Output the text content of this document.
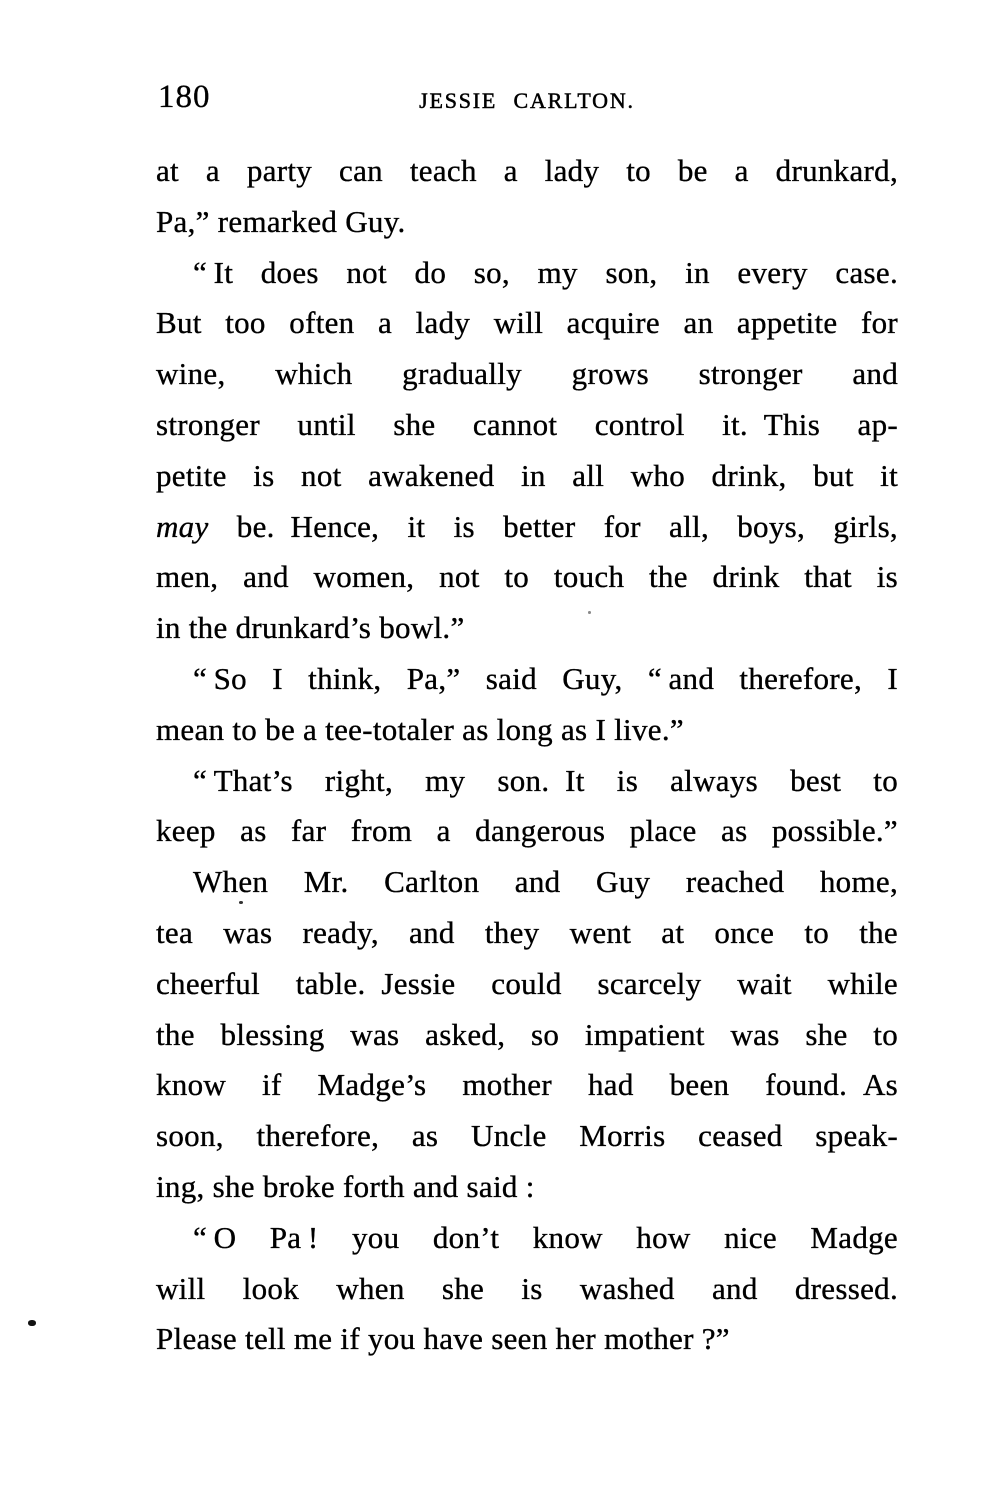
180	JESSIE CARLTON.
at a party can teach a lady to be a drunkard,
Pa,” remarked Guy.
“ It does not do so, my son, in every case.
But too often a lady will acquire an appetite for
wine, which gradually grows stronger and
stronger until she cannot control it. This ap-
petite is not awakened in all who drink, but it
may be. Hence, it is better for all, boys, girls,
men, and women, not to touch the drink that is
in the drunkard’s bowl.”
“ So I think, Pa,” said Guy, “ and therefore, I
mean to be a tee-totaler as long as I live.”
“ That’s right, my son. It is always best to
keep as far from a dangerous place as possible.”
When Mr. Carlton and Guy reached home,
tea was ready, and they went at once to the
cheerful table. Jessie could scarcely wait while
the blessing was asked, so impatient was she to
know if Madge’s mother had been found. As
soon, therefore, as Uncle Morris ceased speak-
ing, she broke forth and said :
“ O Pa ! you don’t know how nice Madge
will look when she is washed and dressed.
Please tell me if you have seen her mother ?”
